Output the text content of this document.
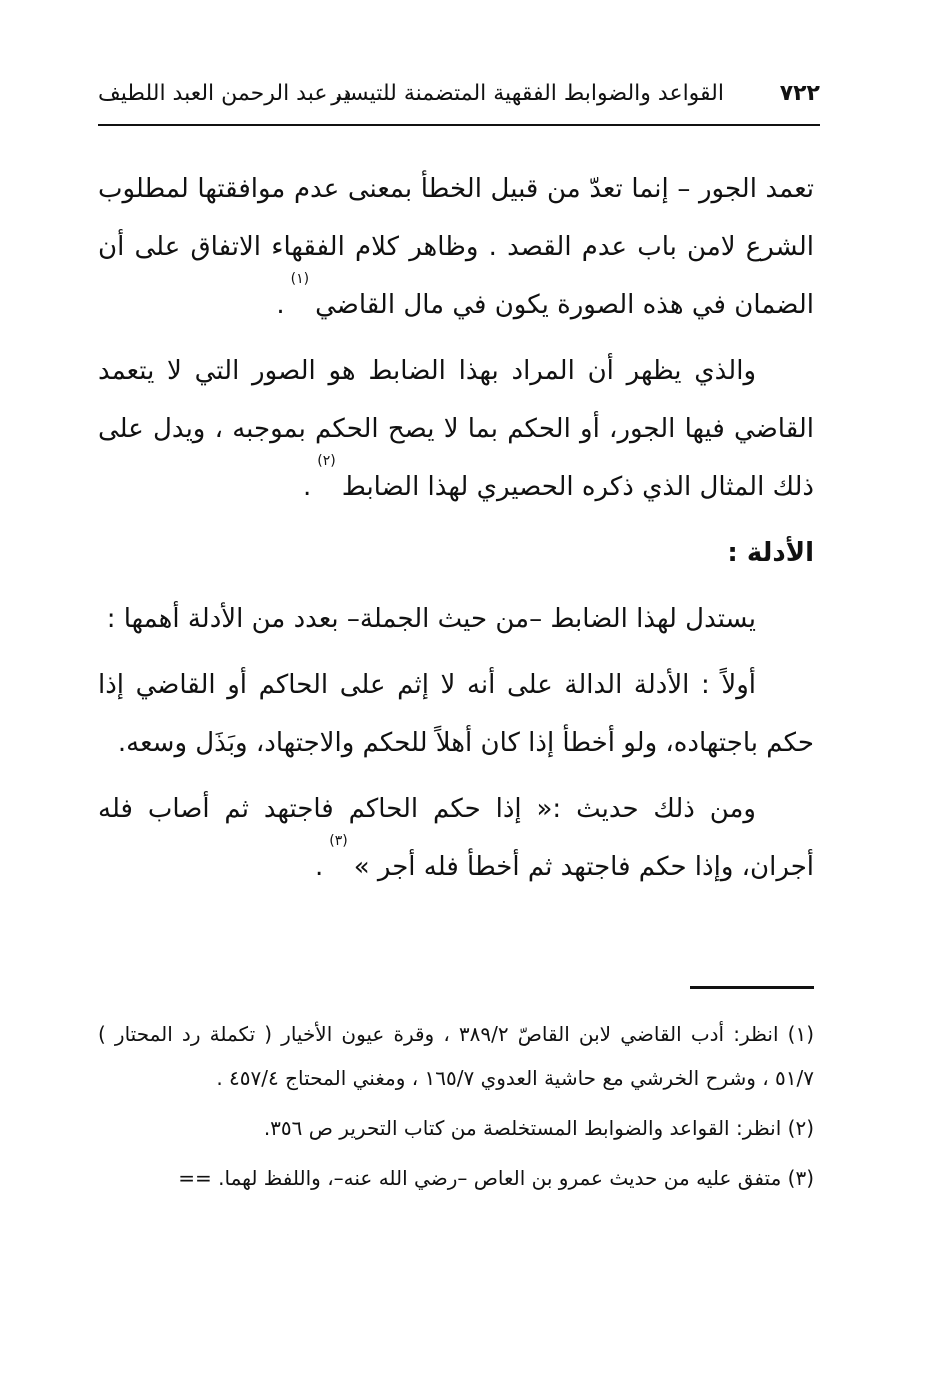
٧٢٢
القواعد والضوابط الفقهية المتضمنة للتيسير
د. عبد الرحمن العبد اللطيف

تعمد الجور – إنما تعدّ من قبيل الخطأ بمعنى عدم موافقتها لمطلوب الشرع لامن باب عدم القصد . وظاهر كلام الفقهاء الاتفاق على أن الضمان في هذه الصورة يكون في مال القاضي$^{(١)}$.

والذي يظهر أن المراد بهذا الضابط هو الصور التي لا يتعمد القاضي فيها الجور، أو الحكم بما لا يصح الحكم بموجبه ، ويدل على ذلك المثال الذي ذكره الحصيري لهذا الضابط$^{(٢)}$.

الأدلة :

يستدل لهذا الضابط –من حيث الجملة– بعدد من الأدلة أهمها :

أولاً : الأدلة الدالة على أنه لا إثم على الحاكم أو القاضي إذا حكم باجتهاده، ولو أخطأ إذا كان أهلاً للحكم والاجتهاد، وبَذَل وسعه.

ومن ذلك حديث :« إذا حكم الحاكم فاجتهد ثم أصاب فله أجران، وإذا حكم فاجتهد ثم أخطأ فله أجر »$^{(٣)}$.

(١) انظر: أدب القاضي لابن القاصّ ٣٨٩/٢ ، وقرة عيون الأخيار ( تكملة رد المحتار ) ٥١/٧ ، وشرح الخرشي مع حاشية العدوي ١٦٥/٧ ، ومغني المحتاج ٤٥٧/٤ .

(٢) انظر: القواعد والضوابط المستخلصة من كتاب التحرير ص ٣٥٦.

(٣) متفق عليه من حديث عمرو بن العاص –رضي الله عنه–، واللفظ لهما. ==
